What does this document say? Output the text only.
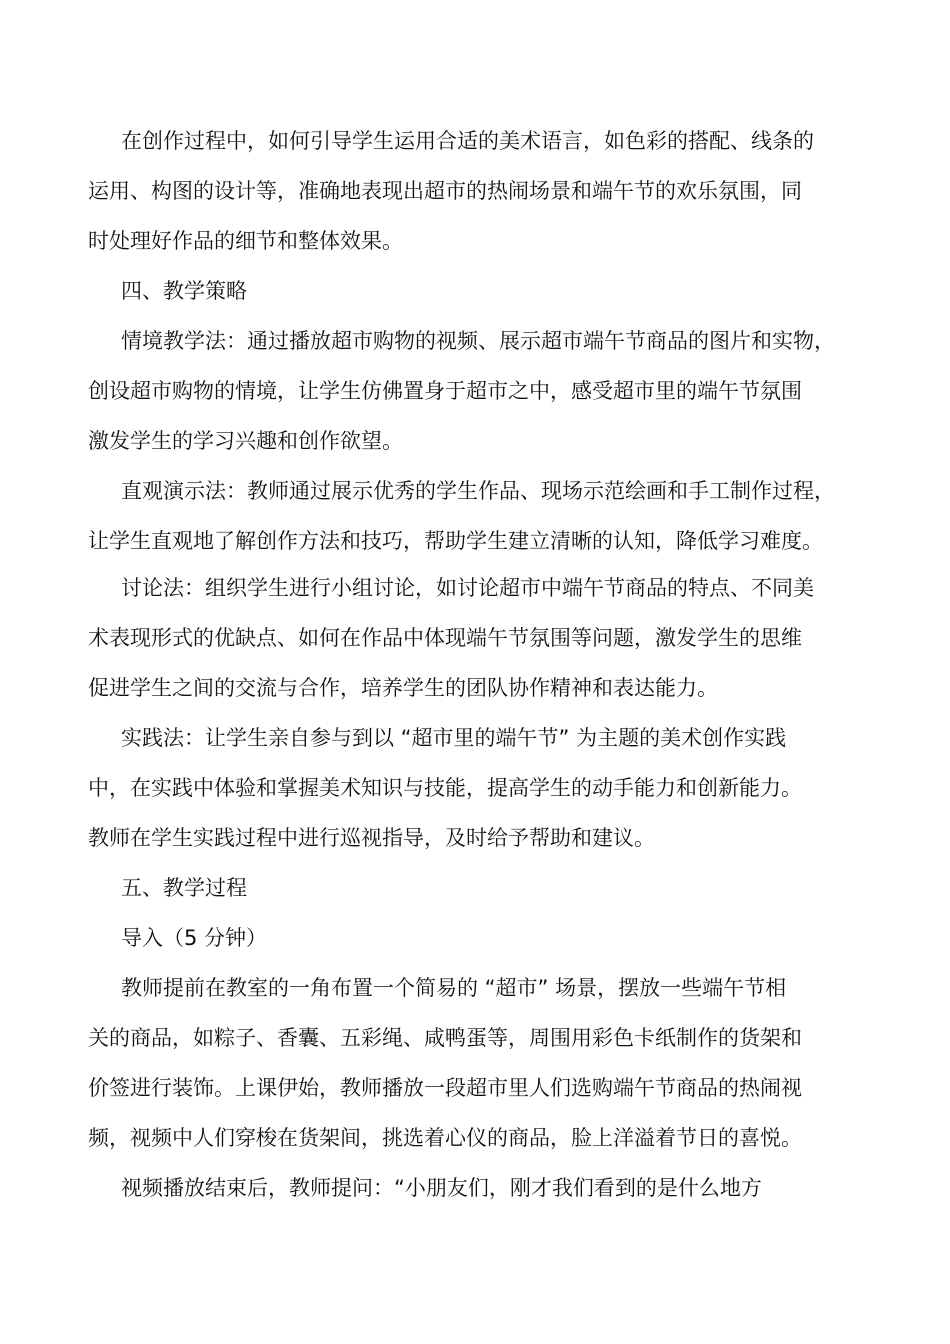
在创作过程中，如何引导学生运用合适的美术语言，如色彩的搭配、线条的
运用、构图的设计等，准确地表现出超市的热闹场景和端午节的欢乐氛围，同
时处理好作品的细节和整体效果。
四、教学策略
情境教学法：通过播放超市购物的视频、展示超市端午节商品的图片和实物，
创设超市购物的情境，让学生仿佛置身于超市之中，感受超市里的端午节氛围
激发学生的学习兴趣和创作欲望。
直观演示法：教师通过展示优秀的学生作品、现场示范绘画和手工制作过程，
让学生直观地了解创作方法和技巧，帮助学生建立清晰的认知，降低学习难度。
讨论法：组织学生进行小组讨论，如讨论超市中端午节商品的特点、不同美
术表现形式的优缺点、如何在作品中体现端午节氛围等问题，激发学生的思维
促进学生之间的交流与合作，培养学生的团队协作精神和表达能力。
实践法：让学生亲自参与到以 “超市里的端午节” 为主题的美术创作实践
中，在实践中体验和掌握美术知识与技能，提高学生的动手能力和创新能力。
教师在学生实践过程中进行巡视指导，及时给予帮助和建议。
五、教学过程
导入（5 分钟）
教师提前在教室的一角布置一个简易的 “超市” 场景，摆放一些端午节相
关的商品，如粽子、香囊、五彩绳、咸鸭蛋等，周围用彩色卡纸制作的货架和
价签进行装饰。上课伊始，教师播放一段超市里人们选购端午节商品的热闹视
频，视频中人们穿梭在货架间，挑选着心仪的商品，脸上洋溢着节日的喜悦。
视频播放结束后，教师提问：“小朋友们，刚才我们看到的是什么地方
